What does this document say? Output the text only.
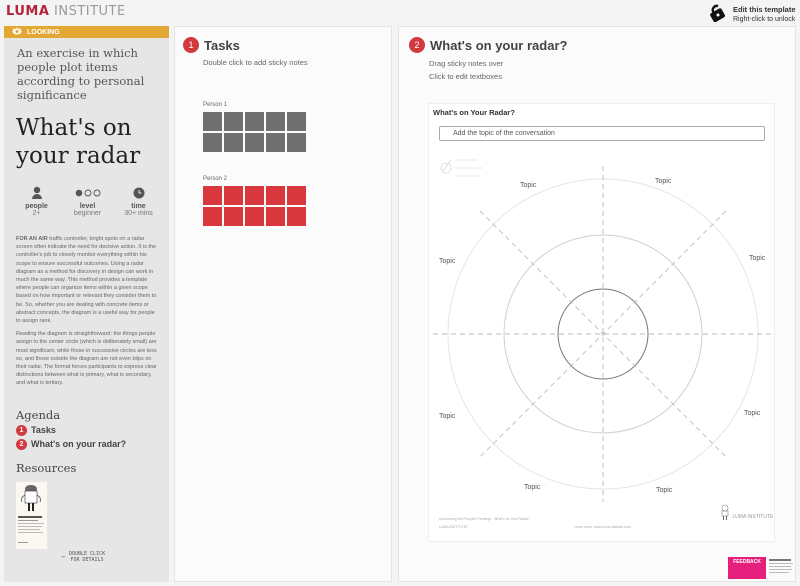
LUMA INSTITUTE	Edit this template
Right-click to unlock
LOOKING
An exercise in which people plot items according to personal significance
What's on your radar
people
2+
level
beginner
time
30+ mins
FOR AN AIR traffic controller, bright spots on a radar screen often indicate the need for decisive action. It is the controller's job to closely monitor everything within his scope to ensure successful outcomes. Using a radar diagram as a method for discovery in design can work in much the same way. This method provides a template where people can organize items within a given scope based on how important or relevant they consider them to be. So, whether you are dealing with concrete items or abstract concepts, the diagram is a useful way for people to assign rank.
Reading the diagram is straightforward: the things people assign to the center circle (which is deliberately small) are most significant, while those in successive circles are less so, and those outside the diagram are not even blips on their radar. The format forces participants to express clear distinctions between what is primary, what is secondary, and what is tertiary.
Agenda
1 Tasks
2 What's on your radar?
Resources
⟵ DOUBLE CLICK FOR DETAILS
1 Tasks
Double click to add sticky notes
Person 1
Person 2
2 What's on your radar?
Drag sticky notes over
Click to edit textboxes
What's on Your Radar?
Add the topic of the conversation
Topic
Topic
Topic	Topic
Topic	Topic
Topic	Topic
Uncovering the People's Feelings · What's on Your Radar?
LUMA INSTITUTE	Learn more: www.luma-institute.com
LUMA INSTITUTE
FEEDBACK
